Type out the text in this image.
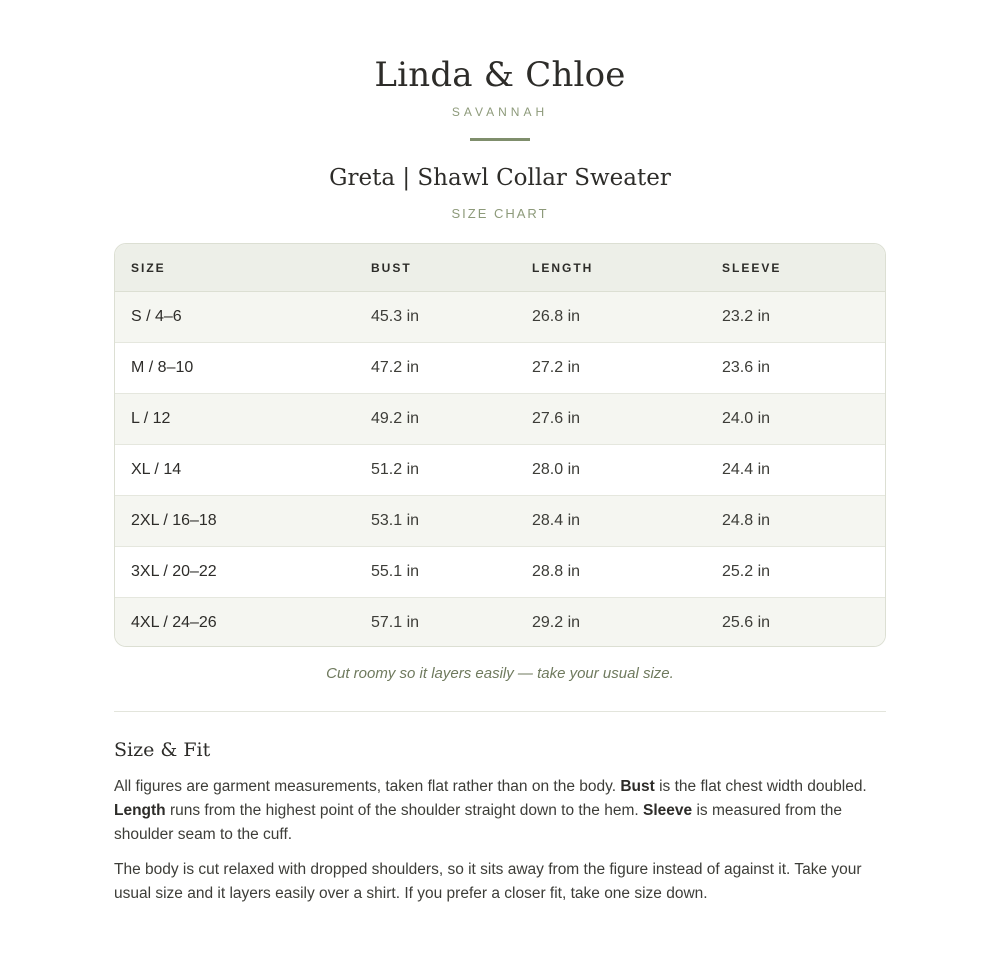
Linda & Chloe
SAVANNAH
Greta | Shawl Collar Sweater
SIZE CHART
SIZE	BUST	LENGTH	SLEEVE
S / 4–6	45.3 in	26.8 in	23.2 in
M / 8–10	47.2 in	27.2 in	23.6 in
L / 12	49.2 in	27.6 in	24.0 in
XL / 14	51.2 in	28.0 in	24.4 in
2XL / 16–18	53.1 in	28.4 in	24.8 in
3XL / 20–22	55.1 in	28.8 in	25.2 in
4XL / 24–26	57.1 in	29.2 in	25.6 in
Cut roomy so it layers easily — take your usual size.
Size & Fit

All figures are garment measurements, taken flat rather than on the body. Bust is the flat chest width doubled. Length runs from the highest point of the shoulder straight down to the hem. Sleeve is measured from the shoulder seam to the cuff.

The body is cut relaxed with dropped shoulders, so it sits away from the figure instead of against it. Take your usual size and it layers easily over a shirt. If you prefer a closer fit, take one size down.
